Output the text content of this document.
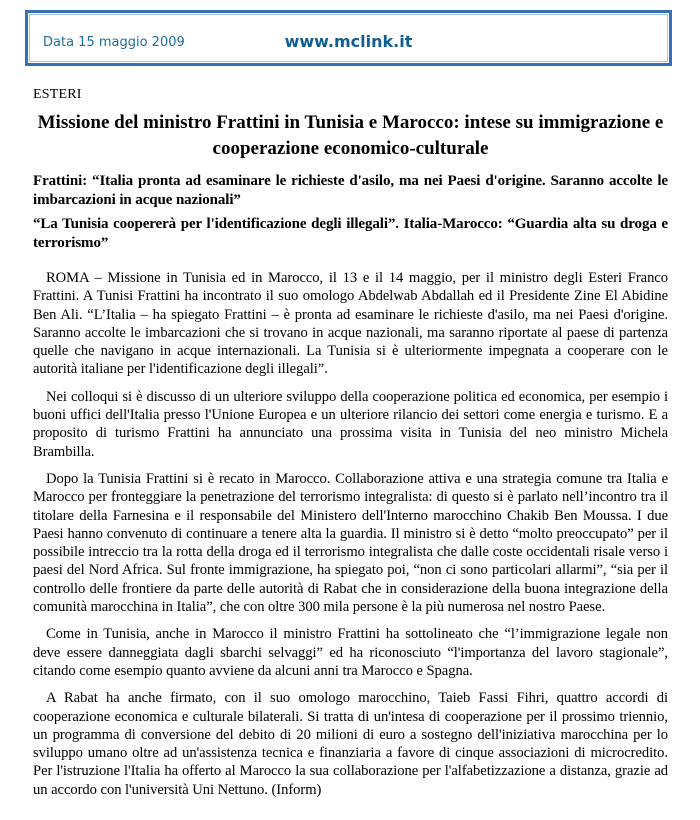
Data 15 maggio 2009	www.mclink.it
ESTERI
Missione del ministro Frattini in Tunisia e Marocco: intese su immigrazione e cooperazione economico-culturale

Frattini: “Italia pronta ad esaminare le richieste d'asilo, ma nei Paesi d'origine. Saranno accolte le imbarcazioni in acque nazionali”

“La Tunisia coopererà per l'identificazione degli illegali”. Italia-Marocco: “Guardia alta su droga e terrorismo”

ROMA – Missione in Tunisia ed in Marocco, il 13 e il 14 maggio, per il ministro degli Esteri Franco Frattini. A Tunisi Frattini ha incontrato il suo omologo Abdelwab Abdallah ed il Presidente Zine El Abidine Ben Ali. “L’Italia – ha spiegato Frattini – è pronta ad esaminare le richieste d'asilo, ma nei Paesi d'origine. Saranno accolte le imbarcazioni che si trovano in acque nazionali, ma saranno riportate al paese di partenza quelle che navigano in acque internazionali. La Tunisia si è ulteriormente impegnata a cooperare con le autorità italiane per l'identificazione degli illegali”.

Nei colloqui si è discusso di un ulteriore sviluppo della cooperazione politica ed economica, per esempio i buoni uffici dell'Italia presso l'Unione Europea e un ulteriore rilancio dei settori come energia e turismo. E a proposito di turismo Frattini ha annunciato una prossima visita in Tunisia del neo ministro Michela Brambilla.

Dopo la Tunisia Frattini si è recato in Marocco. Collaborazione attiva e una strategia comune tra Italia e Marocco per fronteggiare la penetrazione del terrorismo integralista: di questo si è parlato nell’incontro tra il titolare della Farnesina e il responsabile del Ministero dell'Interno marocchino Chakib Ben Moussa. I due Paesi hanno convenuto di continuare a tenere alta la guardia. Il ministro si è detto “molto preoccupato” per il possibile intreccio tra la rotta della droga ed il terrorismo integralista che dalle coste occidentali risale verso i paesi del Nord Africa. Sul fronte immigrazione, ha spiegato poi, “non ci sono particolari allarmi”, “sia per il controllo delle frontiere da parte delle autorità di Rabat che in considerazione della buona integrazione della comunità marocchina in Italia”, che con oltre 300 mila persone è la più numerosa nel nostro Paese.

Come in Tunisia, anche in Marocco il ministro Frattini ha sottolineato che “l’immigrazione legale non deve essere danneggiata dagli sbarchi selvaggi” ed ha riconosciuto “l'importanza del lavoro stagionale”, citando come esempio quanto avviene da alcuni anni tra Marocco e Spagna.

A Rabat ha anche firmato, con il suo omologo marocchino, Taieb Fassi Fihri, quattro accordi di cooperazione economica e culturale bilaterali. Si tratta di un'intesa di cooperazione per il prossimo triennio, un programma di conversione del debito di 20 milioni di euro a sostegno dell'iniziativa marocchina per lo sviluppo umano oltre ad un'assistenza tecnica e finanziaria a favore di cinque associazioni di microcredito. Per l'istruzione l'Italia ha offerto al Marocco la sua collaborazione per l'alfabetizzazione a distanza, grazie ad un accordo con l'università Uni Nettuno. (Inform)
